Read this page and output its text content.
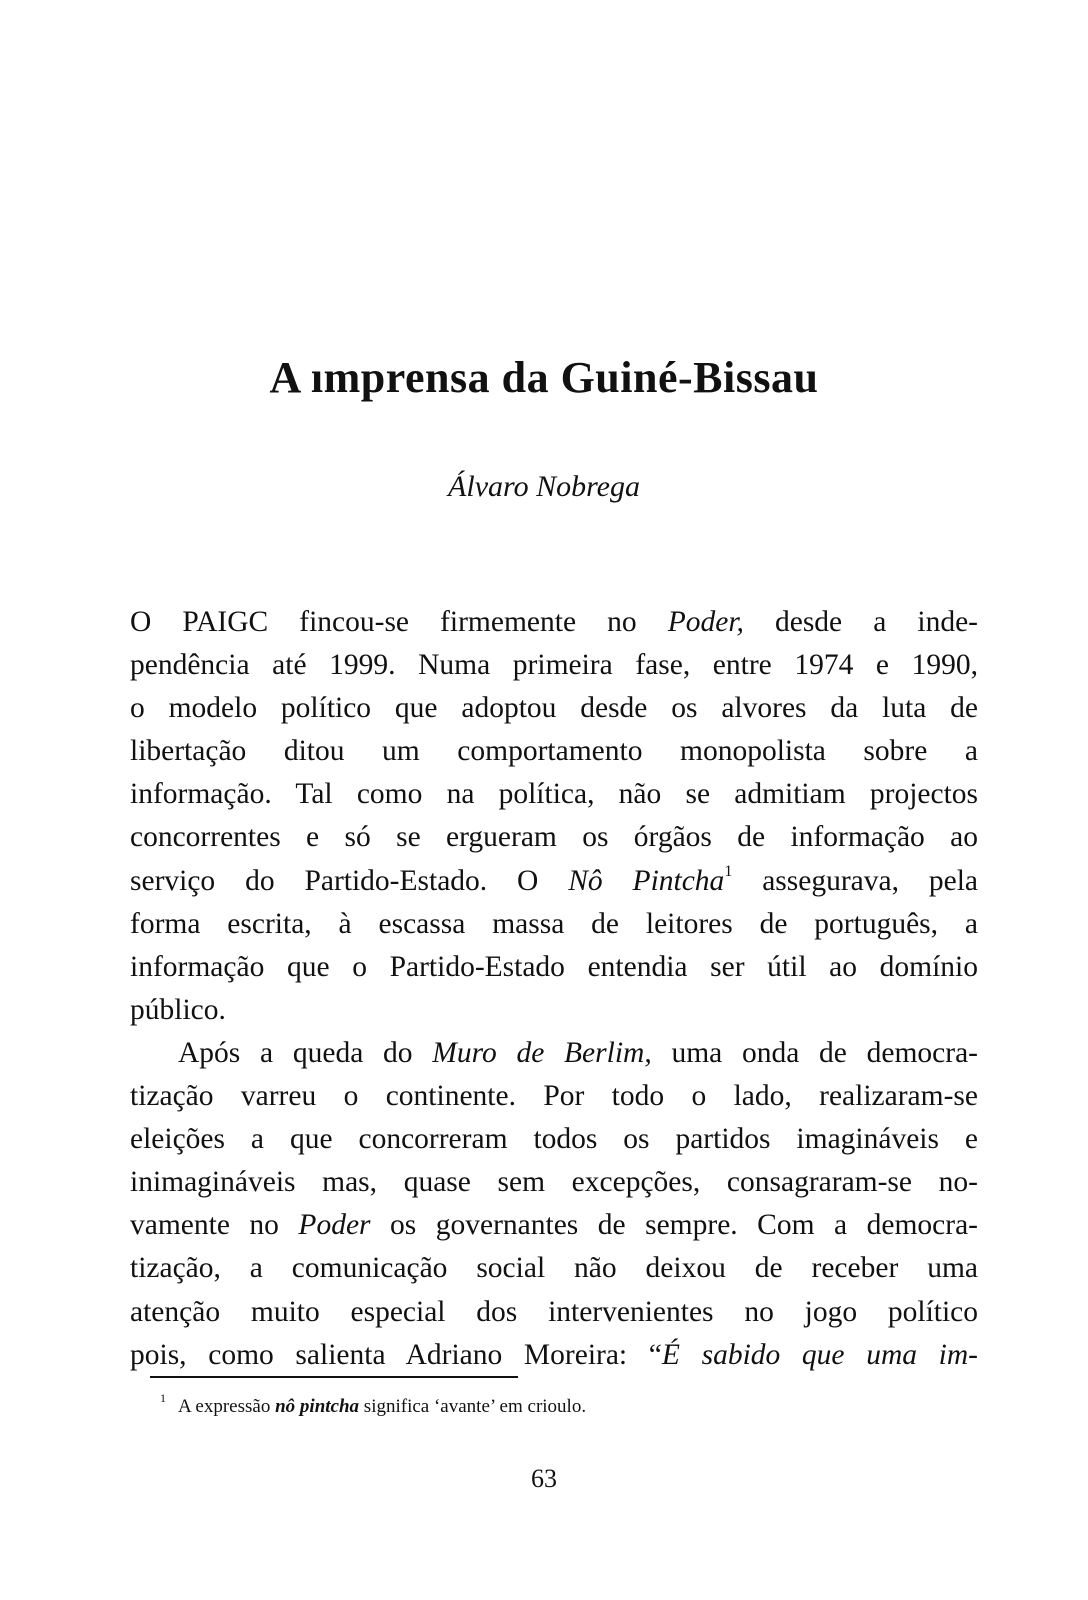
A ımprensa da Guiné-Bissau
Álvaro Nobrega
O PAIGC fincou-se firmemente no Poder, desde a inde-
pendência até 1999. Numa primeira fase, entre 1974 e 1990,
o modelo político que adoptou desde os alvores da luta de
libertação ditou um comportamento monopolista sobre a
informação. Tal como na política, não se admitiam projectos
concorrentes e só se ergueram os órgãos de informação ao
serviço do Partido-Estado. O Nô Pintcha$^1$ assegurava, pela
forma escrita, à escassa massa de leitores de português, a
informação que o Partido-Estado entendia ser útil ao domínio
público.
Após a queda do Muro de Berlim, uma onda de democra-
tização varreu o continente. Por todo o lado, realizaram-se
eleições a que concorreram todos os partidos imagináveis e
inimagináveis mas, quase sem excepções, consagraram-se no-
vamente no Poder os governantes de sempre. Com a democra-
tização, a comunicação social não deixou de receber uma
atenção muito especial dos intervenientes no jogo político
pois, como salienta Adriano Moreira: “É sabido que uma im-
$^1$ A expressão nô pintcha significa ‘avante’ em crioulo.
63
